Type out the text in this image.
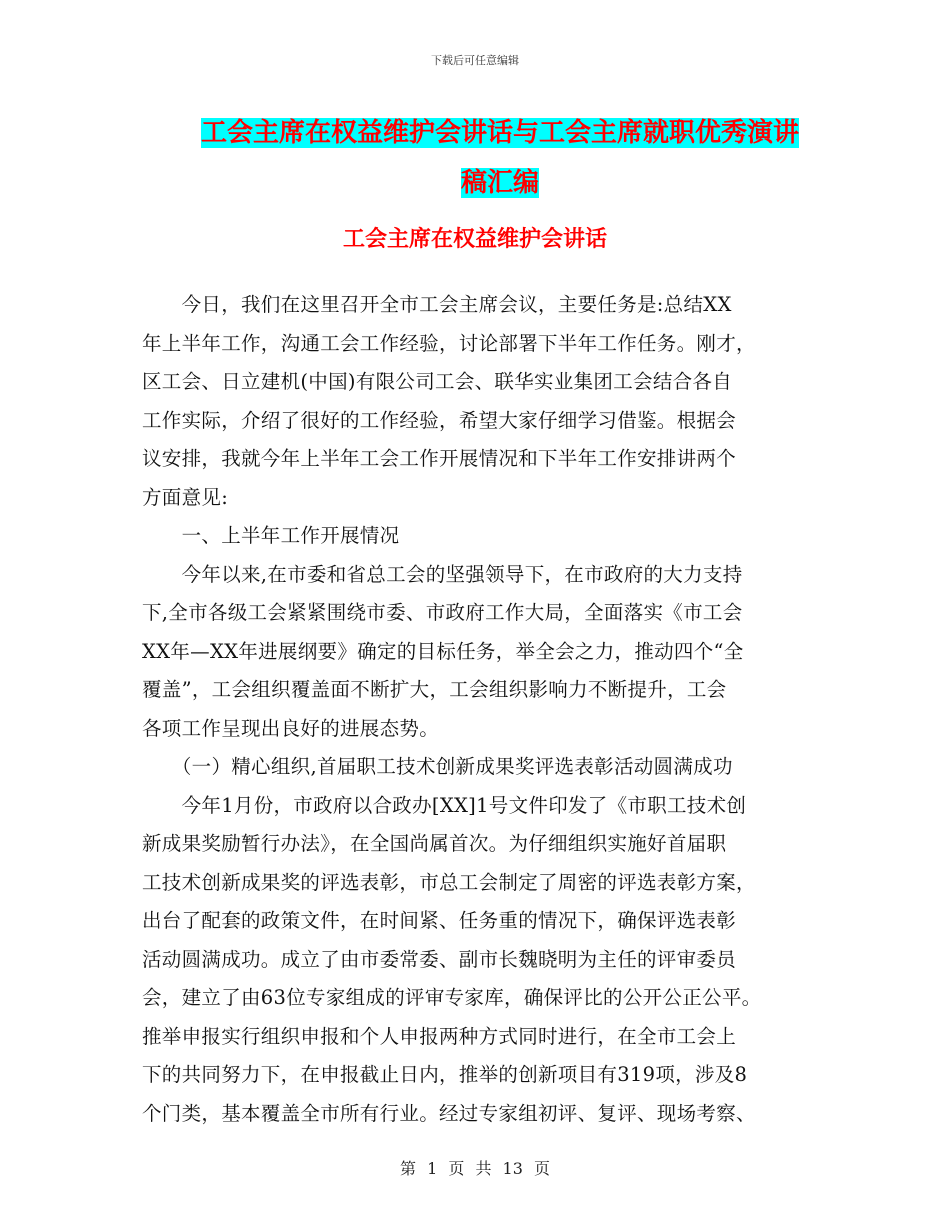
下载后可任意编辑
工会主席在权益维护会讲话与工会主席就职优秀演讲
稿汇编
工会主席在权益维护会讲话
　　今日，我们在这里召开全市工会主席会议，主要任务是:总结XX
年上半年工作，沟通工会工作经验，讨论部署下半年工作任务。刚才，
区工会、日立建机(中国)有限公司工会、联华实业集团工会结合各自
工作实际，介绍了很好的工作经验，希望大家仔细学习借鉴。根据会
议安排，我就今年上半年工会工作开展情况和下半年工作安排讲两个
方面意见:
　　一、上半年工作开展情况
　　今年以来,在市委和省总工会的坚强领导下，在市政府的大力支持
下,全市各级工会紧紧围绕市委、市政府工作大局，全面落实《市工会
XX年—XX年进展纲要》确定的目标任务，举全会之力，推动四个“全
覆盖”，工会组织覆盖面不断扩大，工会组织影响力不断提升，工会
各项工作呈现出良好的进展态势。
　　（一）精心组织,首届职工技术创新成果奖评选表彰活动圆满成功
　　今年1月份，市政府以合政办[XX]1号文件印发了《市职工技术创
新成果奖励暂行办法》，在全国尚属首次。为仔细组织实施好首届职
工技术创新成果奖的评选表彰，市总工会制定了周密的评选表彰方案，
出台了配套的政策文件，在时间紧、任务重的情况下，确保评选表彰
活动圆满成功。成立了由市委常委、副市长魏晓明为主任的评审委员
会，建立了由63位专家组成的评审专家库，确保评比的公开公正公平。
推举申报实行组织申报和个人申报两种方式同时进行，在全市工会上
下的共同努力下，在申报截止日内，推举的创新项目有319项，涉及8
个门类，基本覆盖全市所有行业。经过专家组初评、复评、现场考察、
第 1 页 共 13 页
